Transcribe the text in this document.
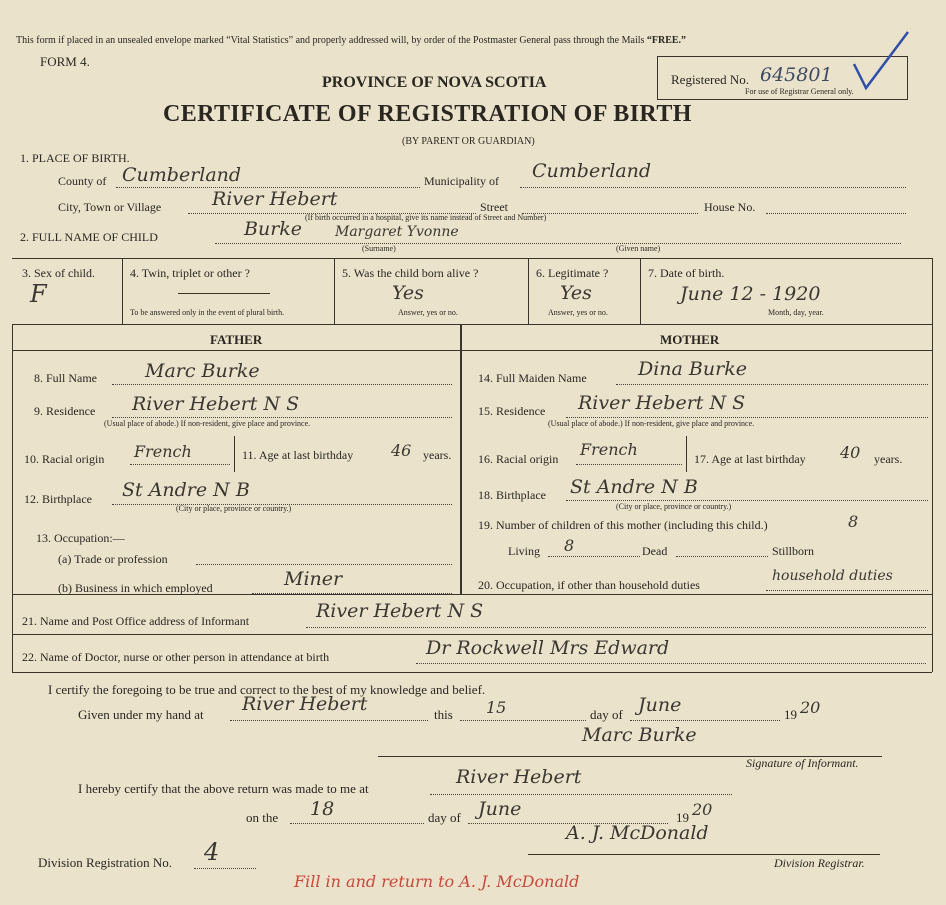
This form if placed in an unsealed envelope marked “Vital Statistics” and properly addressed will, by order of the Postmaster General pass through the Mails “FREE.”
FORM 4.
PROVINCE OF NOVA SCOTIA
CERTIFICATE OF REGISTRATION OF BIRTH
(BY PARENT OR GUARDIAN)
Registered No. 645801
For use of Registrar General only.
1. PLACE OF BIRTH.
County of Cumberland	Municipality of Cumberland
City, Town or Village	River Hebert	Street	House No.
(If birth occurred in a hospital, give its name instead of Street and Number)
2. FULL NAME OF CHILD	Burke Margaret Yvonne
(Surname)	(Given name)
3. Sex of child.
F
4. Twin, triplet or other ?
To be answered only in the event of plural birth.
5. Was the child born alive ?
Yes
Answer, yes or no.
6. Legitimate ?
Yes
Answer, yes or no.
7. Date of birth.
June 12 - 1920
Month, day, year.
FATHER	MOTHER
8. Full Name	Marc Burke
9. Residence River Hebert N S
(Usual place of abode.) If non-resident, give place and province.
10. Racial origin French	11. Age at last birthday 46 years.
12. Birthplace St Andre N B
(City or place, province or country.)
13. Occupation:—
(a) Trade or profession
(b) Business in which employed	Miner
14. Full Maiden Name	Dina Burke
15. Residence River Hebert N S
(Usual place of abode.) If non-resident, give place and province.
16. Racial origin French	17. Age at last birthday 40 years.
18. Birthplace St Andre N B
(City or place, province or country.)
19. Number of children of this mother (including this child.)	8
Living 8	Dead	Stillborn
20. Occupation, if other than household duties
household duties
21. Name and Post Office address of Informant	River Hebert N S
22. Name of Doctor, nurse or other person in attendance at birth	Dr Rockwell Mrs Edward
I certify the foregoing to be true and correct to the best of my knowledge and belief.
Given under my hand at River Hebert	this 15	day of June	19 20
Marc Burke
Signature of Informant.
I hereby certify that the above return was made to me at
River Hebert
on the 18	day of June	19 20
Division Registration No. 4
A. J. McDonald
Division Registrar.
Fill in and return to A. J. McDonald
